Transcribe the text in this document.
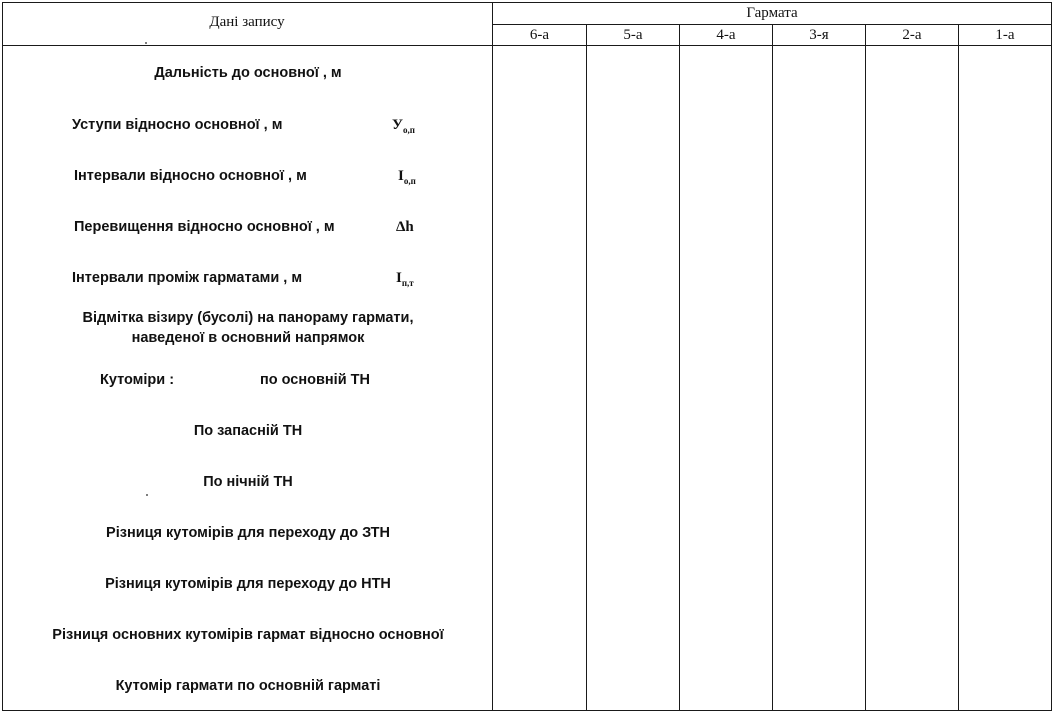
Дані запису
Гармата
6-а	5-а	4-а	3-я	2-а	1-а
Дальність до основної , м
Уступи відносно основної , м	$У_{о,п}$
Інтервали відносно основної , м	$І_{о,п}$
Перевищення відносно основної , м	Δh
Інтервали проміж гарматами , м	$І_{п,т}$
Відмітка візиру (бусолі) на панораму гармати,
наведеної в основний напрямок
Кутоміри :	по основній ТН
По запасній ТН
По нічній ТН
Різниця кутомірів для переходу до ЗТН
Різниця кутомірів для переходу до НТН
Різниця основних кутомірів гармат відносно основної
Кутомір гармати по основній гарматі
